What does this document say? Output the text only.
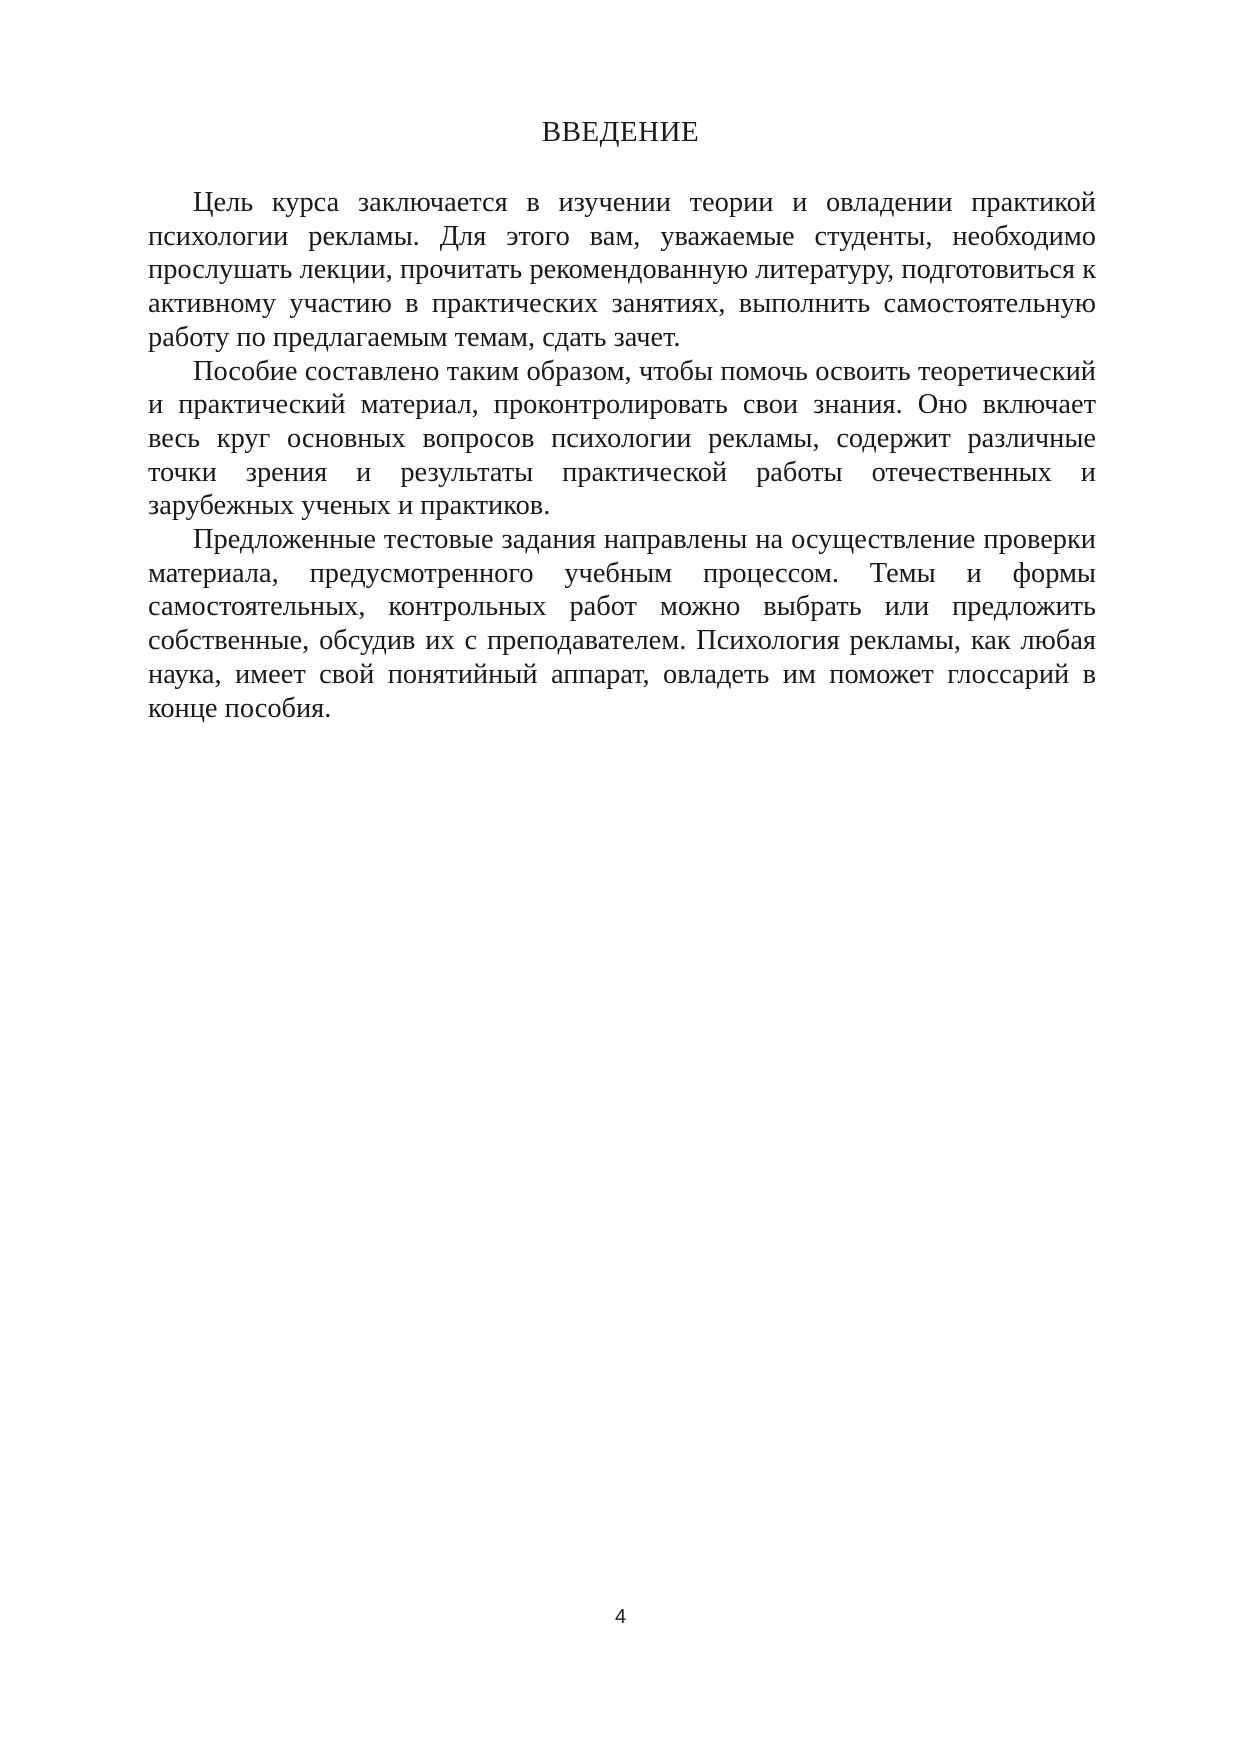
ВВЕДЕНИЕ

Цель курса заключается в изучении теории и овладении практикой психологии рекламы. Для этого вам, уважаемые студенты, необходимо прослушать лекции, прочитать рекомендованную литературу, подготовиться к активному участию в практических занятиях, выполнить самостоятельную работу по предлагаемым темам, сдать зачет.

Пособие составлено таким образом, чтобы помочь освоить теоретический и практический материал, проконтролировать свои знания. Оно включает весь круг основных вопросов психологии рекламы, содержит различные точки зрения и результаты практической работы отечественных и зарубежных ученых и практиков.

Предложенные тестовые задания направлены на осуществление проверки материала, предусмотренного учебным процессом. Темы и формы самостоятельных, контрольных работ можно выбрать или предложить собственные, обсудив их с преподавателем. Психология рекламы, как любая наука, имеет свой понятийный аппарат, овладеть им поможет глоссарий в конце пособия.

4
